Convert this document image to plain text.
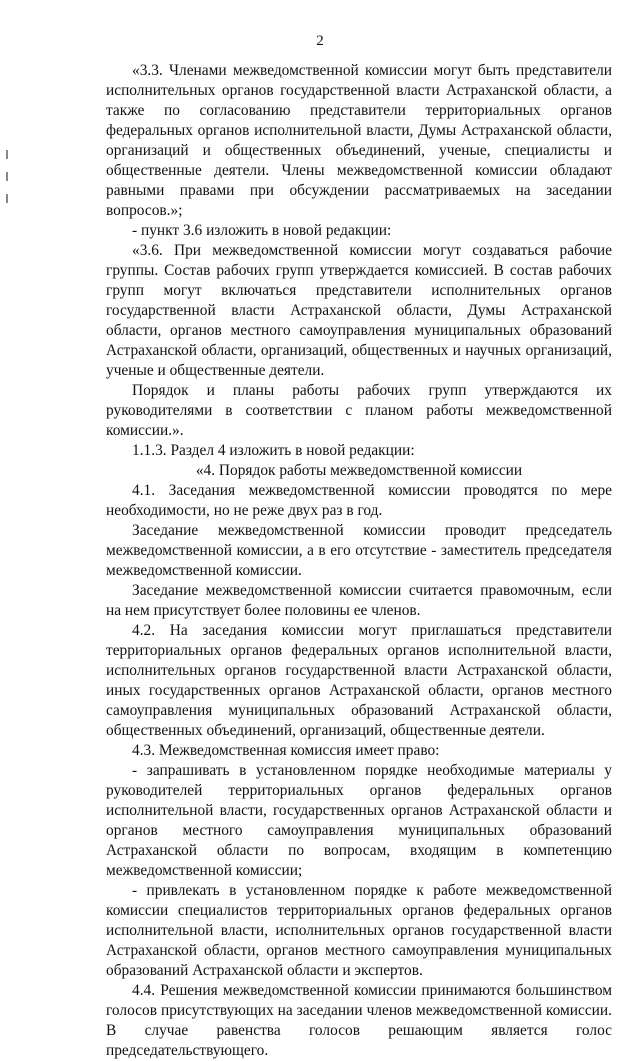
2

«3.3. Членами межведомственной комиссии могут быть представители исполнительных органов государственной власти Астраханской области, а также по согласованию представители территориальных органов федеральных органов исполнительной власти, Думы Астраханской области, организаций и общественных объединений, ученые, специалисты и общественные деятели. Члены межведомственной комиссии обладают равными правами при обсуждении рассматриваемых на заседании вопросов.»;

- пункт 3.6 изложить в новой редакции:

«3.6. При межведомственной комиссии могут создаваться рабочие группы. Состав рабочих групп утверждается комиссией. В состав рабочих групп могут включаться представители исполнительных органов государственной власти Астраханской области, Думы Астраханской области, органов местного самоуправления муниципальных образований Астраханской области, организаций, общественных и научных организаций, ученые и общественные деятели.

Порядок и планы работы рабочих групп утверждаются их руководителями в соответствии с планом работы межведомственной комиссии.».

1.1.3. Раздел 4 изложить в новой редакции:

«4. Порядок работы межведомственной комиссии

4.1. Заседания межведомственной комиссии проводятся по мере необходимости, но не реже двух раз в год.

Заседание межведомственной комиссии проводит председатель межведомственной комиссии, а в его отсутствие - заместитель председателя межведомственной комиссии.

Заседание межведомственной комиссии считается правомочным, если на нем присутствует более половины ее членов.

4.2. На заседания комиссии могут приглашаться представители территориальных органов федеральных органов исполнительной власти, исполнительных органов государственной власти Астраханской области, иных государственных органов Астраханской области, органов местного самоуправления муниципальных образований Астраханской области, общественных объединений, организаций, общественные деятели.

4.3. Межведомственная комиссия имеет право:

- запрашивать в установленном порядке необходимые материалы у руководителей территориальных органов федеральных органов исполнительной власти, государственных органов Астраханской области и органов местного самоуправления муниципальных образований Астраханской области по вопросам, входящим в компетенцию межведомственной комиссии;

- привлекать в установленном порядке к работе межведомственной комиссии специалистов территориальных органов федеральных органов исполнительной власти, исполнительных органов государственной власти Астраханской области, органов местного самоуправления муниципальных образований Астраханской области и экспертов.

4.4. Решения межведомственной комиссии принимаются большинством голосов присутствующих на заседании членов межведомственной комиссии. В случае равенства голосов решающим является голос председательствующего.
